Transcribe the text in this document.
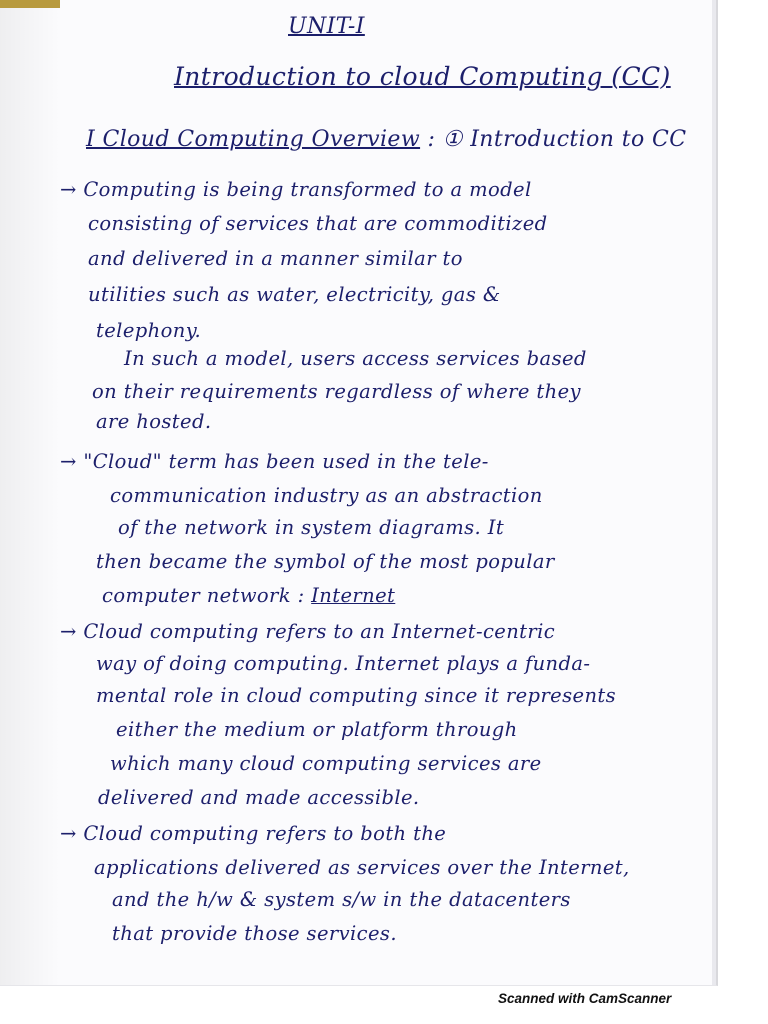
UNIT-I
Introduction to cloud Computing (CC)
I Cloud Computing Overview : ① Introduction to CC
→ Computing is being transformed to a model
consisting of services that are commoditized
and delivered in a manner similar to
utilities such as water, electricity, gas &
telephony.
In such a model, users access services based
on their requirements regardless of where they
are hosted.
→ "Cloud" term has been used in the tele-
communication industry as an abstraction
of the network in system diagrams. It
then became the symbol of the most popular
computer network : Internet
→ Cloud computing refers to an Internet-centric
way of doing computing. Internet plays a funda-
mental role in cloud computing since it represents
either the medium or platform through
which many cloud computing services are
delivered and made accessible.
→ Cloud computing refers to both the
applications delivered as services over the Internet,
and the h/w & system s/w in the datacenters
that provide those services.
Scanned with CamScanner
